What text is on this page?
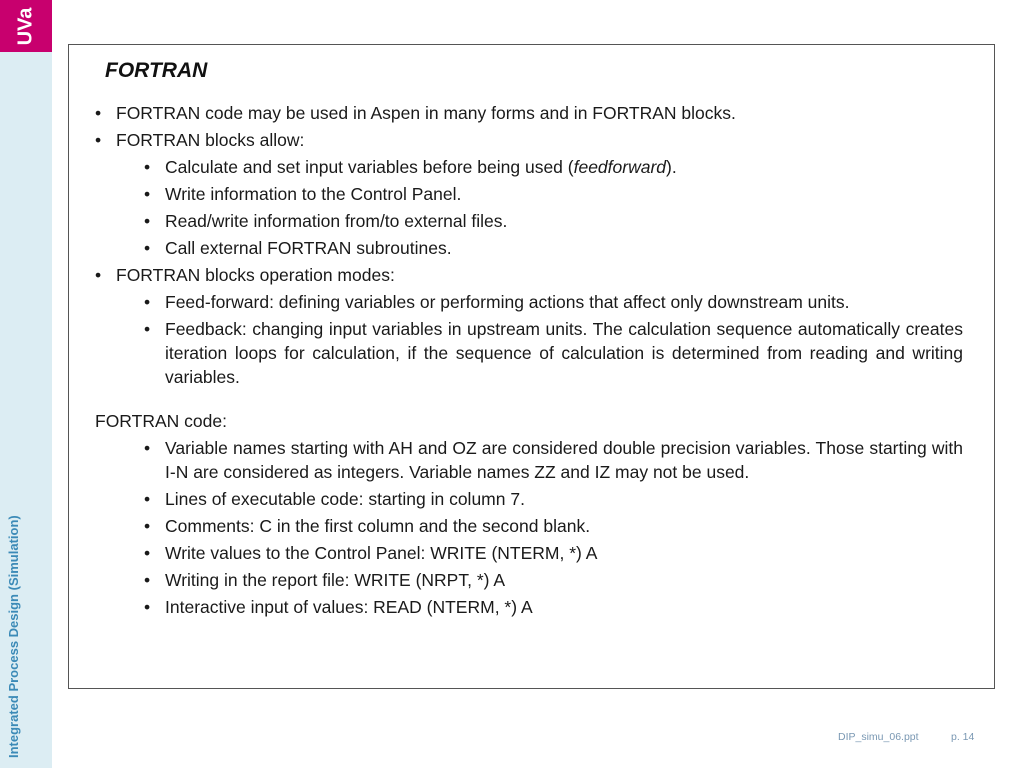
UVa
Integrated Process Design (Simulation)
FORTRAN
• FORTRAN code may be used in Aspen in many forms and in FORTRAN blocks.
• FORTRAN blocks allow:
• Calculate and set input variables before being used (feedforward).
• Write information to the Control Panel.
• Read/write information from/to external files.
• Call external FORTRAN subroutines.
• FORTRAN blocks operation modes:
• Feed-forward: defining variables or performing actions that affect only downstream units.
• Feedback: changing input variables in upstream units. The calculation sequence automatically creates iteration loops for calculation, if the sequence of calculation is determined from reading and writing variables.
FORTRAN code:
• Variable names starting with AH and OZ are considered double precision variables. Those starting with I-N are considered as integers. Variable names ZZ and IZ may not be used.
• Lines of executable code: starting in column 7.
• Comments: C in the first column and the second blank.
• Write values to the Control Panel: WRITE (NTERM, *) A
• Writing in the report file: WRITE (NRPT, *) A
• Interactive input of values: READ (NTERM, *) A
DIP_simu_06.ppt	p. 14
